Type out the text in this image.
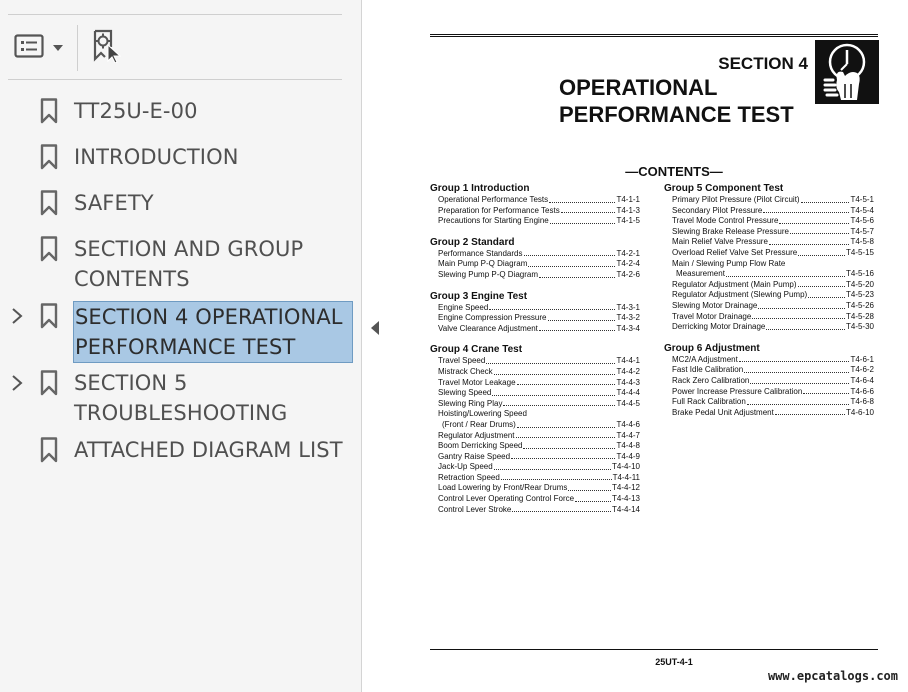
TT25U-E-00
INTRODUCTION
SAFETY
SECTION AND GROUP
CONTENTS
SECTION 4 OPERATIONAL
PERFORMANCE TEST
SECTION 5
TROUBLESHOOTING
ATTACHED DIAGRAM LIST
SECTION 4
OPERATIONAL
PERFORMANCE TEST
—CONTENTS—
Group 1 Introduction
Operational Performance Tests	T4-1-1
Preparation for Performance Tests	T4-1-3
Precautions for Starting Engine	T4-1-5
Group 2 Standard
Performance Standards	T4-2-1
Main Pump P-Q Diagram	T4-2-4
Slewing Pump P-Q Diagram	T4-2-6
Group 3 Engine Test
Engine Speed	T4-3-1
Engine Compression Pressure	T4-3-2
Valve Clearance Adjustment	T4-3-4
Group 4 Crane Test
Travel Speed	T4-4-1
Mistrack Check	T4-4-2
Travel Motor Leakage	T4-4-3
Slewing Speed	T4-4-4
Slewing Ring Play	T4-4-5
Hoisting/Lowering Speed
(Front / Rear Drums)	T4-4-6
Regulator Adjustment	T4-4-7
Boom Derricking Speed	T4-4-8
Gantry Raise Speed	T4-4-9
Jack-Up Speed	T4-4-10
Retraction Speed	T4-4-11
Load Lowering by Front/Rear Drums	T4-4-12
Control Lever Operating Control Force	T4-4-13
Control Lever Stroke	T4-4-14
Group 5 Component Test
Primary Pilot Pressure (Pilot Circuit)	T4-5-1
Secondary Pilot Pressure	T4-5-4
Travel Mode Control Pressure	T4-5-6
Slewing Brake Release Pressure	T4-5-7
Main Relief Valve Pressure	T4-5-8
Overload Relief Valve Set Pressure	T4-5-15
Main / Slewing Pump Flow Rate
Measurement	T4-5-16
Regulator Adjustment (Main Pump)	T4-5-20
Regulator Adjustment (Slewing Pump)	T4-5-23
Slewing Motor Drainage	T4-5-26
Travel Motor Drainage	T4-5-28
Derricking Motor Drainage	T4-5-30
Group 6 Adjustment
MC2/A Adjustment	T4-6-1
Fast Idle Calibration	T4-6-2
Rack Zero Calibration	T4-6-4
Power Increase Pressure Calibration	T4-6-6
Full Rack Calibration	T4-6-8
Brake Pedal Unit Adjustment	T4-6-10
25UT-4-1
www.epcatalogs.com
